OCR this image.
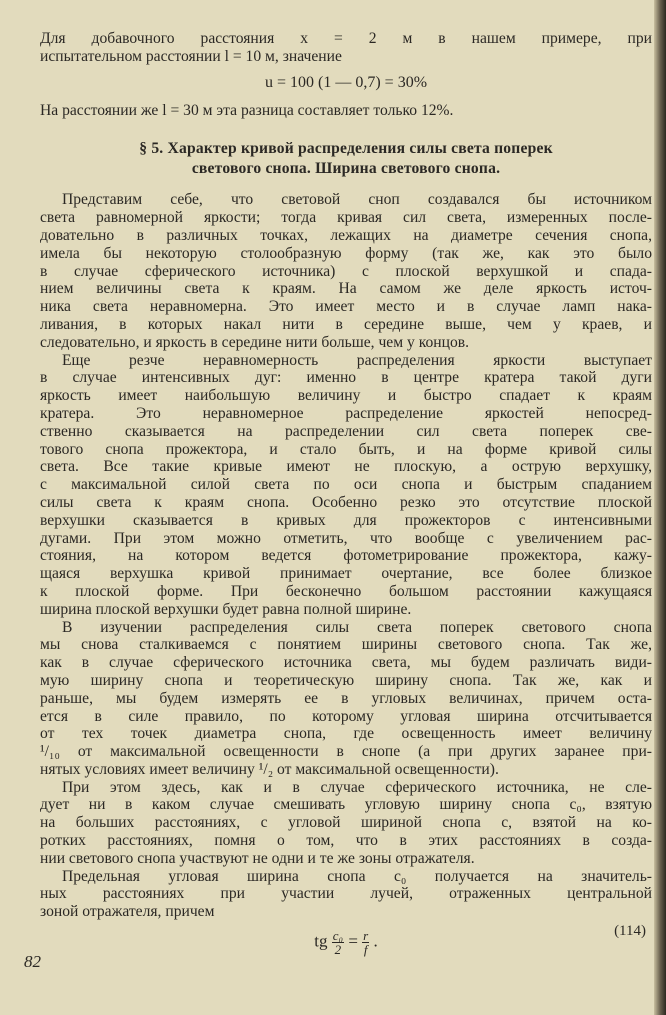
Для добавочного расстояния x = 2 м в нашем примере, при
испытательном расстоянии l = 10 м, значение
u = 100 (1 — 0,7) = 30%
На расстоянии же l = 30 м эта разница составляет только 12%.
§ 5. Характер кривой распределения силы света поперек
светового снопа. Ширина светового снопа.
Представим себе, что световой сноп создавался бы источником
света равномерной яркости; тогда кривая сил света, измеренных после-
довательно в различных точках, лежащих на диаметре сечения снопа,
имела бы некоторую столообразную форму (так же, как это было
в случае сферического источника) с плоской верхушкой и спада-
нием величины света к краям. На самом же деле яркость источ-
ника света неравномерна. Это имеет место и в случае ламп нака-
ливания, в которых накал нити в середине выше, чем у краев, и
следовательно, и яркость в середине нити больше, чем у концов.
Еще резче неравномерность распределения яркости выступает
в случае интенсивных дуг: именно в центре кратера такой дуги
яркость имеет наибольшую величину и быстро спадает к краям
кратера. Это неравномерное распределение яркостей непосред-
ственно сказывается на распределении сил света поперек све-
тового снопа прожектора, и стало быть, и на форме кривой силы
света. Все такие кривые имеют не плоскую, а острую верхушку,
с максимальной силой света по оси снопа и быстрым спаданием
силы света к краям снопа. Особенно резко это отсутствие плоской
верхушки сказывается в кривых для прожекторов с интенсивными
дугами. При этом можно отметить, что вообще с увеличением рас-
стояния, на котором ведется фотометрирование прожектора, кажу-
щаяся верхушка кривой принимает очертание, все более близкое
к плоской форме. При бесконечно большом расстоянии кажущаяся
ширина плоской верхушки будет равна полной ширине.
В изучении распределения силы света поперек светового снопа
мы снова сталкиваемся с понятием ширины светового снопа. Так же,
как в случае сферического источника света, мы будем различать види-
мую ширину снопа и теоретическую ширину снопа. Так же, как и
раньше, мы будем измерять ее в угловых величинах, причем оста-
ется в силе правило, по которому угловая ширина отсчитывается
от тех точек диаметра снопа, где освещенность имеет величину
¹/₁₀ от максимальной освещенности в снопе (а при других заранее при-
нятых условиях имеет величину ¹/₂ от максимальной освещенности).
При этом здесь, как и в случае сферического источника, не сле-
дует ни в каком случае смешивать угловую ширину снопа c₀, взятую
на больших расстояниях, с угловой шириной снопа c, взятой на ко-
ротких расстояниях, помня о том, что в этих расстояниях в созда-
нии светового снопа участвуют не одни и те же зоны отражателя.
Предельная угловая ширина снопа c₀ получается на значитель-
ных расстояниях при участии лучей, отраженных центральной
зоной отражателя, причем
tg $\frac{\text{c₀}}{2} = \frac{r}{f}$ .
(114)
82
